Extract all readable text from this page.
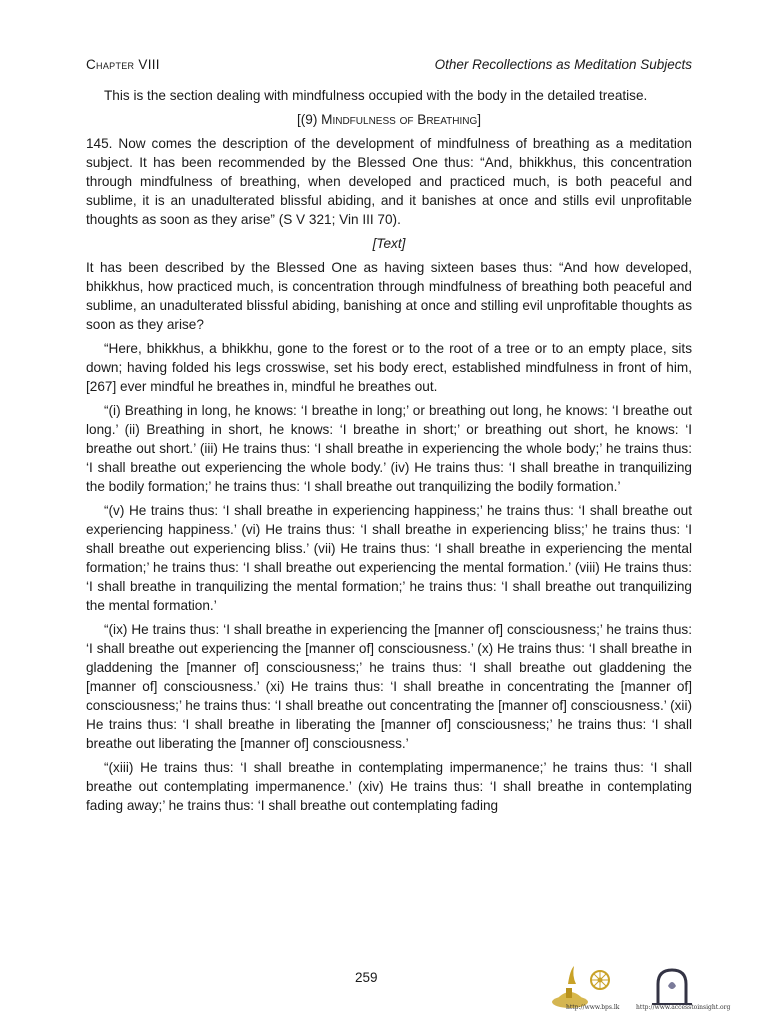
Chapter VIII	Other Recollections as Meditation Subjects

This is the section dealing with mindfulness occupied with the body in the detailed treatise.

[(9) Mindfulness of Breathing]

145. Now comes the description of the development of mindfulness of breathing as a meditation subject. It has been recommended by the Blessed One thus: “And, bhikkhus, this concentration through mindfulness of breathing, when developed and practiced much, is both peaceful and sublime, it is an unadulterated blissful abiding, and it banishes at once and stills evil unprofitable thoughts as soon as they arise” (S V 321; Vin III 70).

[Text]

It has been described by the Blessed One as having sixteen bases thus: “And how developed, bhikkhus, how practiced much, is concentration through mindfulness of breathing both peaceful and sublime, an unadulterated blissful abiding, banishing at once and stilling evil unprofitable thoughts as soon as they arise?

“Here, bhikkhus, a bhikkhu, gone to the forest or to the root of a tree or to an empty place, sits down; having folded his legs crosswise, set his body erect, established mindfulness in front of him, [267] ever mindful he breathes in, mindful he breathes out.

“(i) Breathing in long, he knows: ‘I breathe in long;’ or breathing out long, he knows: ‘I breathe out long.’ (ii) Breathing in short, he knows: ‘I breathe in short;’ or breathing out short, he knows: ‘I breathe out short.’ (iii) He trains thus: ‘I shall breathe in experiencing the whole body;’ he trains thus: ‘I shall breathe out experiencing the whole body.’ (iv) He trains thus: ‘I shall breathe in tranquilizing the bodily formation;’ he trains thus: ‘I shall breathe out tranquilizing the bodily formation.’

“(v) He trains thus: ‘I shall breathe in experiencing happiness;’ he trains thus: ‘I shall breathe out experiencing happiness.’ (vi) He trains thus: ‘I shall breathe in experiencing bliss;’ he trains thus: ‘I shall breathe out experiencing bliss.’ (vii) He trains thus: ‘I shall breathe in experiencing the mental formation;’ he trains thus: ‘I shall breathe out experiencing the mental formation.’ (viii) He trains thus: ‘I shall breathe in tranquilizing the mental formation;’ he trains thus: ‘I shall breathe out tranquilizing the mental formation.’

“(ix) He trains thus: ‘I shall breathe in experiencing the [manner of] consciousness;’ he trains thus: ‘I shall breathe out experiencing the [manner of] consciousness.’ (x) He trains thus: ‘I shall breathe in gladdening the [manner of] consciousness;’ he trains thus: ‘I shall breathe out gladdening the [manner of] consciousness.’ (xi) He trains thus: ‘I shall breathe in concentrating the [manner of] consciousness;’ he trains thus: ‘I shall breathe out concentrating the [manner of] consciousness.’ (xii) He trains thus: ‘I shall breathe in liberating the [manner of] consciousness;’ he trains thus: ‘I shall breathe out liberating the [manner of] consciousness.’

“(xiii) He trains thus: ‘I shall breathe in contemplating impermanence;’ he trains thus: ‘I shall breathe out contemplating impermanence.’ (xiv) He trains thus: ‘I shall breathe in contemplating fading away;’ he trains thus: ‘I shall breathe out contemplating fading

259
http://www.bps.lk	http://www.accesstoinsight.org
